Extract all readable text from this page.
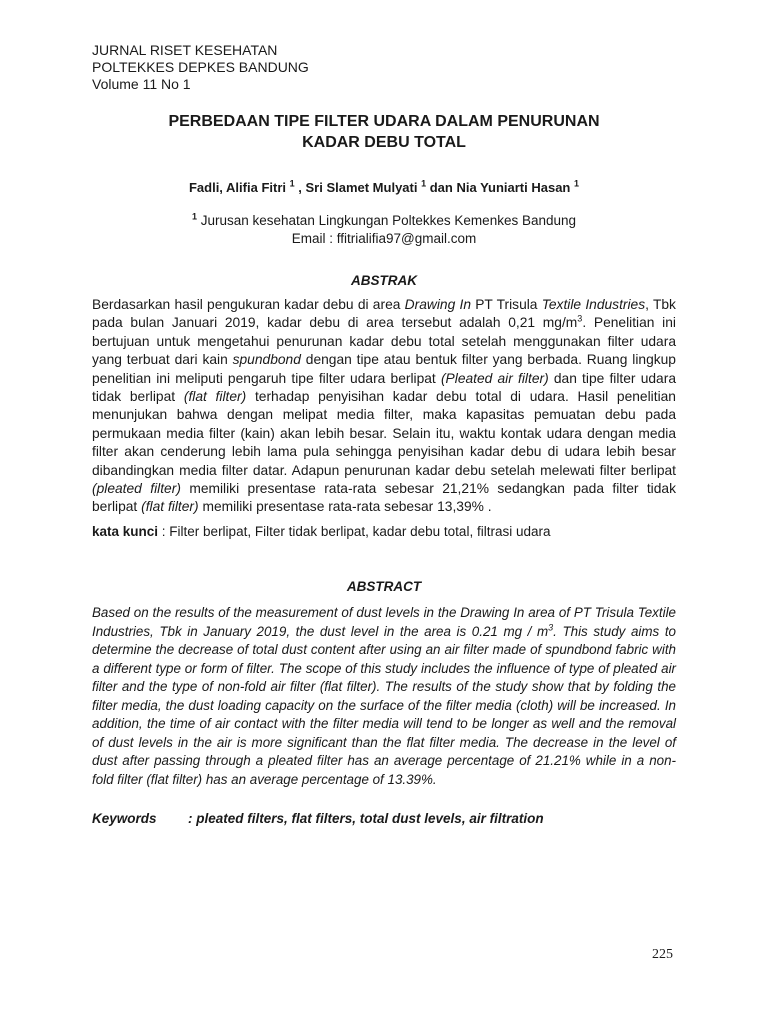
JURNAL RISET KESEHATAN
POLTEKKES DEPKES BANDUNG
Volume 11 No 1
PERBEDAAN TIPE FILTER UDARA DALAM PENURUNAN
KADAR DEBU TOTAL
Fadli, Alifia Fitri $^1$ , Sri Slamet Mulyati $^1$ dan Nia Yuniarti Hasan $^1$
$^1$ Jurusan kesehatan Lingkungan Poltekkes Kemenkes Bandung
Email : ffitrialifia97@gmail.com
ABSTRAK
Berdasarkan hasil pengukuran kadar debu di area Drawing In PT Trisula Textile Industries, Tbk pada bulan Januari 2019, kadar debu di area tersebut adalah 0,21 $mg/m^3$. Penelitian ini bertujuan untuk mengetahui penurunan kadar debu total setelah menggunakan filter udara yang terbuat dari kain spundbond dengan tipe atau bentuk filter yang berbada. Ruang lingkup penelitian ini meliputi pengaruh tipe filter udara berlipat (Pleated air filter) dan tipe filter udara tidak berlipat (flat filter) terhadap penyisihan kadar debu total di udara. Hasil penelitian menunjukan bahwa dengan melipat media filter, maka kapasitas pemuatan debu pada permukaan media filter (kain) akan lebih besar. Selain itu, waktu kontak udara dengan media filter akan cenderung lebih lama pula sehingga penyisihan kadar debu di udara lebih besar dibandingkan media filter datar. Adapun penurunan kadar debu setelah melewati filter berlipat (pleated filter) memiliki presentase rata-rata sebesar 21,21% sedangkan pada filter tidak berlipat (flat filter) memiliki presentase rata-rata sebesar 13,39% .
kata kunci : Filter berlipat, Filter tidak berlipat, kadar debu total, filtrasi udara
ABSTRACT
Based on the results of the measurement of dust levels in the Drawing In area of PT Trisula Textile Industries, Tbk in January 2019, the dust level in the area is 0.21 mg / $m^3$. This study aims to determine the decrease of total dust content after using an air filter made of spundbond fabric with a different type or form of filter. The scope of this study includes the influence of type of pleated air filter and the type of non-fold air filter (flat filter). The results of the study show that by folding the filter media, the dust loading capacity on the surface of the filter media (cloth) will be increased. In addition, the time of air contact with the filter media will tend to be longer as well and the removal of dust levels in the air is more significant than the flat filter media. The decrease in the level of dust after passing through a pleated filter has an average percentage of 21.21% while in a non-fold filter (flat filter) has an average percentage of 13.39%.
Keywords : pleated filters, flat filters, total dust levels, air filtration
225
